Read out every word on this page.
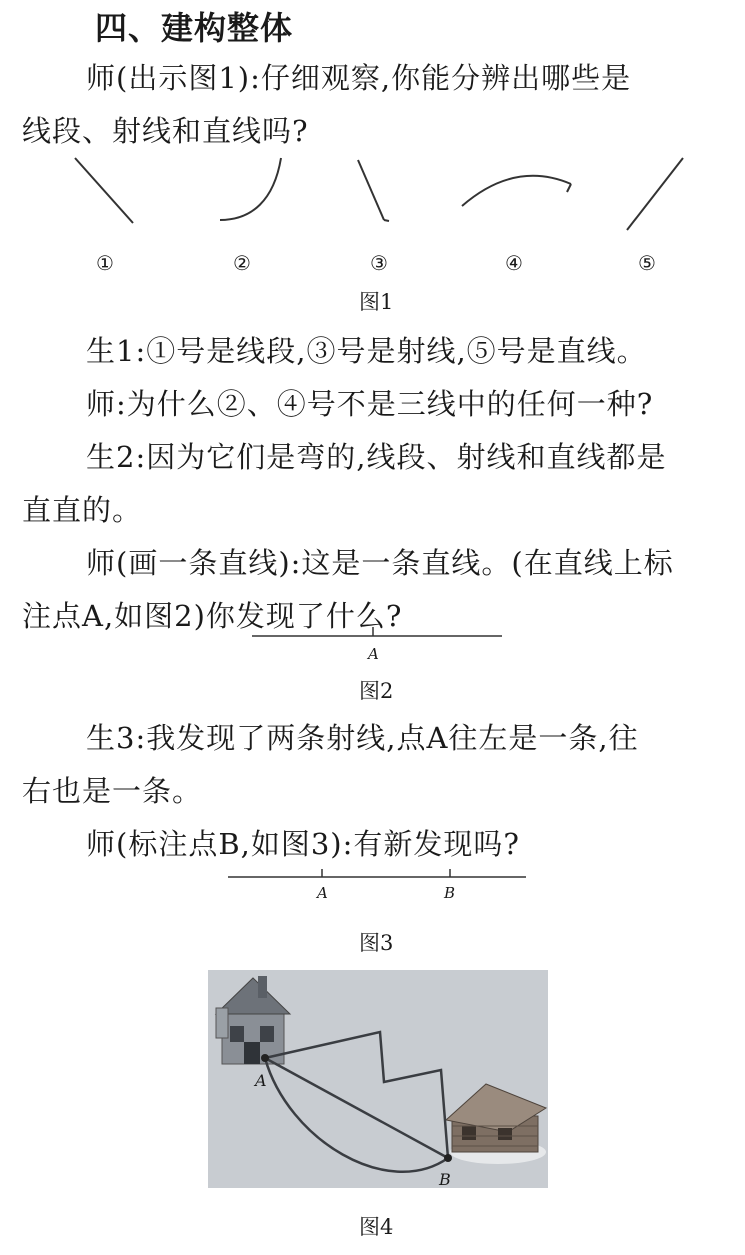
四、建构整体
师(出示图1):仔细观察,你能分辨出哪些是
线段、射线和直线吗?
①	②	③	④	⑤
图1
生1:①号是线段,③号是射线,⑤号是直线。
师:为什么②、④号不是三线中的任何一种?
生2:因为它们是弯的,线段、射线和直线都是
直直的。
师(画一条直线):这是一条直线。(在直线上标
注点A,如图2)你发现了什么?
A
图2
生3:我发现了两条射线,点A往左是一条,往
右也是一条。
师(标注点B,如图3):有新发现吗?
A	B
图3
A
B
图4
